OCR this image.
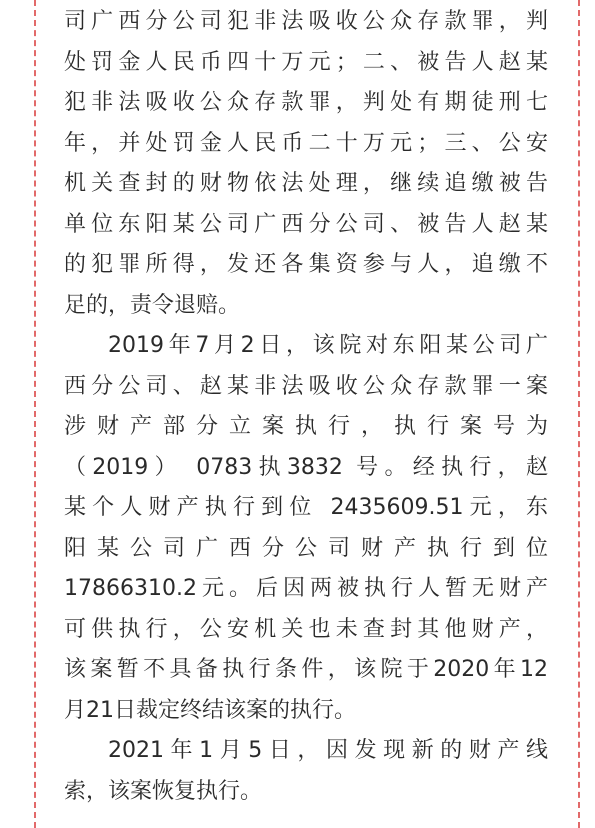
司广西分公司犯非法吸收公众存款罪，判
处罚金人民币四十万元；二、被告人赵某
犯非法吸收公众存款罪，判处有期徒刑七
年，并处罚金人民币二十万元；三、公安
机关查封的财物依法处理，继续追缴被告
单位东阳某公司广西分公司、被告人赵某
的犯罪所得，发还各集资参与人，追缴不
足的，责令退赔。

2019年7月2日，该院对东阳某公司广
西分公司、赵某非法吸收公众存款罪一案
涉财产部分立案执行，执行案号为
（2019） 0783执3832 号。经执行，赵
某个人财产执行到位 2435609.51元，东
阳某公司广西分公司财产执行到位
17866310.2元。后因两被执行人暂无财产
可供执行，公安机关也未查封其他财产，
该案暂不具备执行条件，该院于2020年12
月21日裁定终结该案的执行。

2021年1月5日，因发现新的财产线
索，该案恢复执行。
